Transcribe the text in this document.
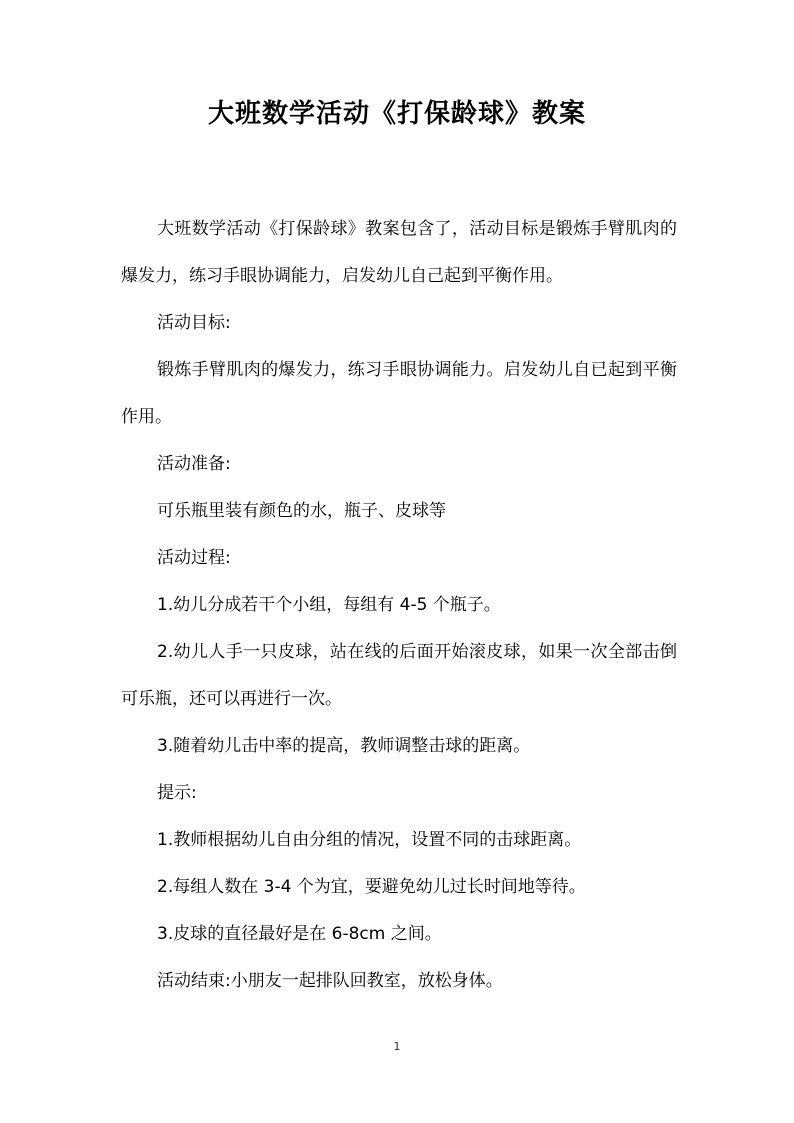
大班数学活动《打保龄球》教案

大班数学活动《打保龄球》教案包含了，活动目标是锻炼手臂肌肉的爆发力，练习手眼协调能力，启发幼儿自己起到平衡作用。

活动目标:

锻炼手臂肌肉的爆发力，练习手眼协调能力。启发幼儿自已起到平衡作用。

活动准备:

可乐瓶里装有颜色的水，瓶子、皮球等

活动过程:

1.幼儿分成若干个小组，每组有 4-5 个瓶子。

2.幼儿人手一只皮球，站在线的后面开始滚皮球，如果一次全部击倒可乐瓶，还可以再进行一次。

3.随着幼儿击中率的提高，教师调整击球的距离。

提示:

1.教师根据幼儿自由分组的情况，设置不同的击球距离。

2.每组人数在 3-4 个为宜，要避免幼儿过长时间地等待。

3.皮球的直径最好是在 6-8cm 之间。

活动结束:小朋友一起排队回教室，放松身体。

1
